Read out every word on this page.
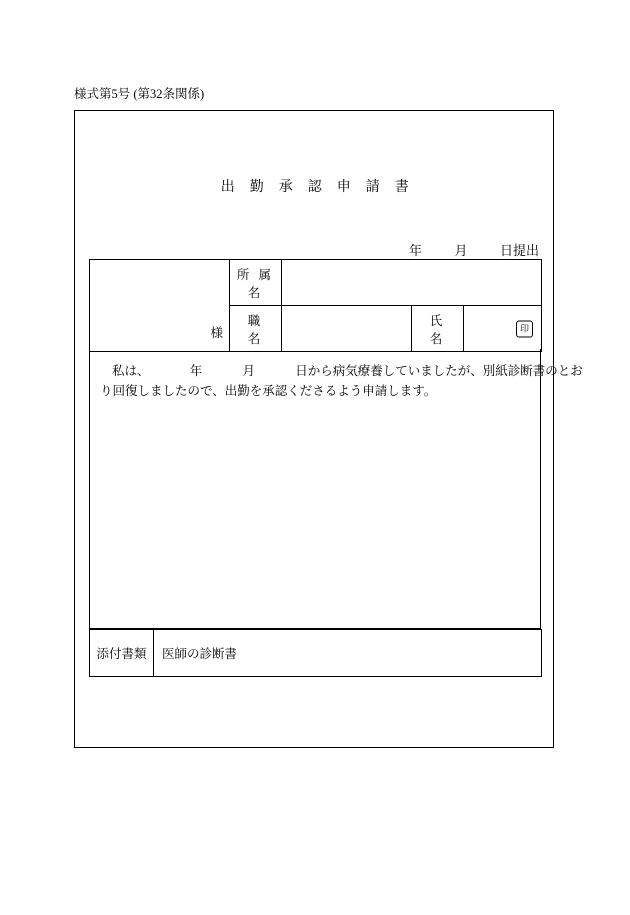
様式第5号 (第32条関係)
出　勤　承　認　申　請　書
年	月	日提出
様	所 属 名			
	職　 名		氏　 名	印
私は、	年	月	日から病気療養していましたが、別紙診断書のとお
り回復しましたので、出勤を承認くださるよう申請します。
添付書類	医師の診断書
